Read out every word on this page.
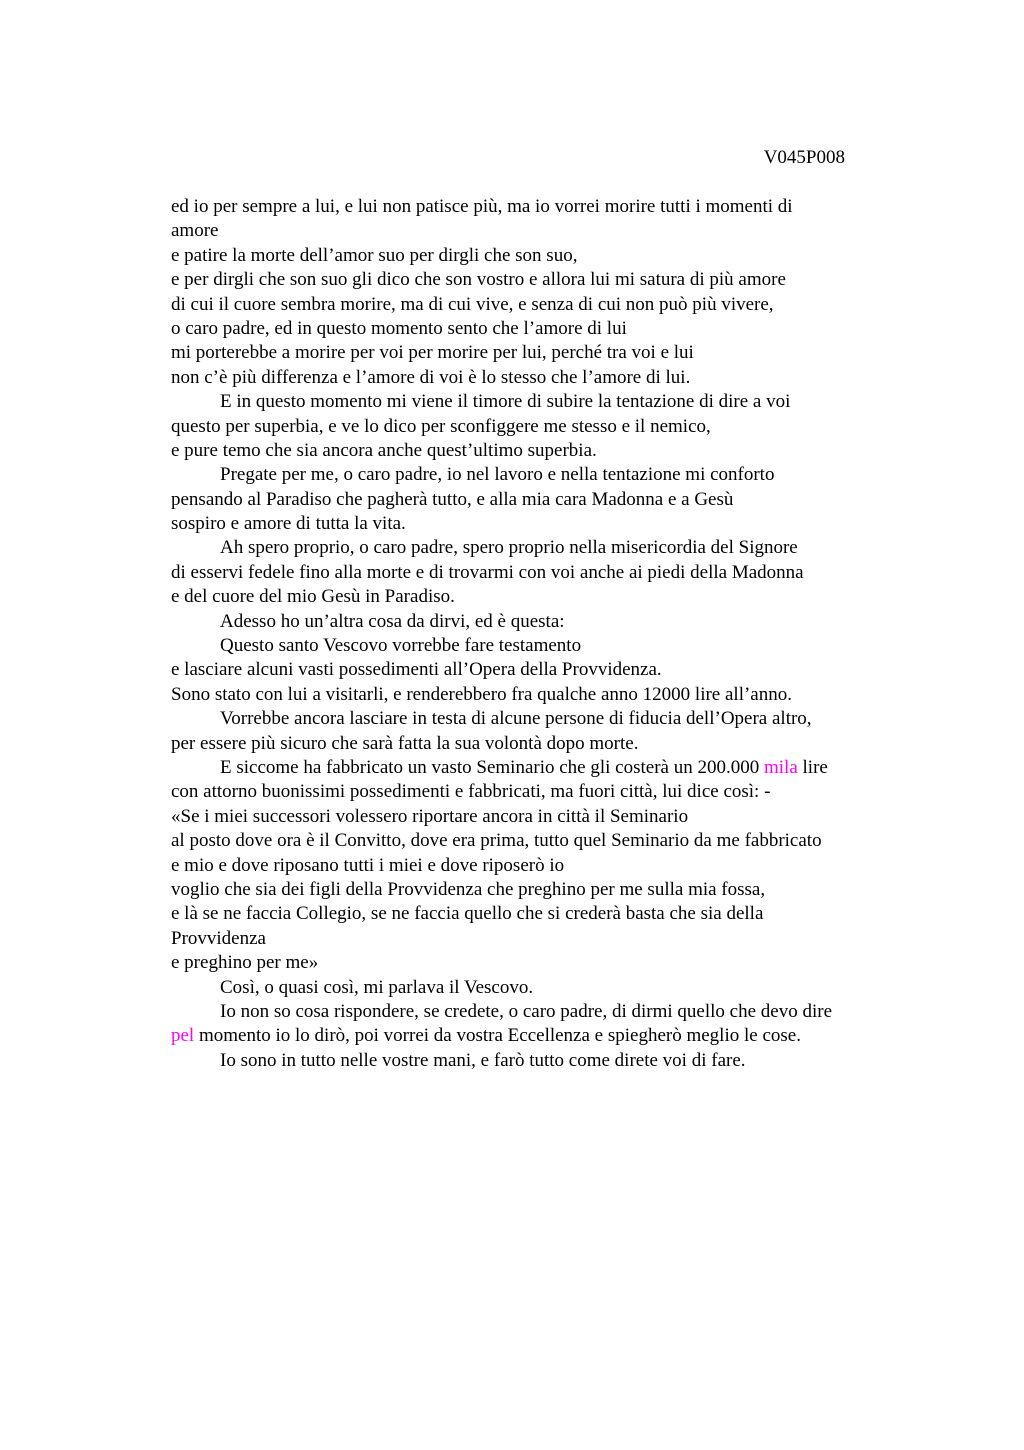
V045P008
ed io per sempre a lui, e lui non patisce più, ma io vorrei morire tutti i momenti di
amore
e patire la morte dell’amor suo per dirgli che son suo,
e per dirgli che son suo gli dico che son vostro e allora lui mi satura di più amore
di cui il cuore sembra morire, ma di cui vive, e senza di cui non può più vivere,
o caro padre, ed in questo momento sento che l’amore di lui
mi porterebbe a morire per voi per morire per lui, perché tra voi e lui
non c’è più differenza e l’amore di voi è lo stesso che l’amore di lui.
E in questo momento mi viene il timore di subire la tentazione di dire a voi
questo per superbia, e ve lo dico per sconfiggere me stesso e il nemico,
e pure temo che sia ancora anche quest’ultimo superbia.
Pregate per me, o caro padre, io nel lavoro e nella tentazione mi conforto
pensando al Paradiso che pagherà tutto, e alla mia cara Madonna e a Gesù
sospiro e amore di tutta la vita.
Ah spero proprio, o caro padre, spero proprio nella misericordia del Signore
di esservi fedele fino alla morte e di trovarmi con voi anche ai piedi della Madonna
e del cuore del mio Gesù in Paradiso.
Adesso ho un’altra cosa da dirvi, ed è questa:
Questo santo Vescovo vorrebbe fare testamento
e lasciare alcuni vasti possedimenti all’Opera della Provvidenza.
Sono stato con lui a visitarli, e renderebbero fra qualche anno 12000 lire all’anno.
Vorrebbe ancora lasciare in testa di alcune persone di fiducia dell’Opera altro,
per essere più sicuro che sarà fatta la sua volontà dopo morte.
E siccome ha fabbricato un vasto Seminario che gli costerà un 200.000 mila lire
con attorno buonissimi possedimenti e fabbricati, ma fuori città, lui dice così: -
«Se i miei successori volessero riportare ancora in città il Seminario
al posto dove ora è il Convitto, dove era prima, tutto quel Seminario da me fabbricato
e mio e dove riposano tutti i miei e dove riposerò io
voglio che sia dei figli della Provvidenza che preghino per me sulla mia fossa,
e là se ne faccia Collegio, se ne faccia quello che si crederà basta che sia della
Provvidenza
e preghino per me»
Così, o quasi così, mi parlava il Vescovo.
Io non so cosa rispondere, se credete, o caro padre, di dirmi quello che devo dire
pel momento io lo dirò, poi vorrei da vostra Eccellenza e spiegherò meglio le cose.
Io sono in tutto nelle vostre mani, e farò tutto come direte voi di fare.
